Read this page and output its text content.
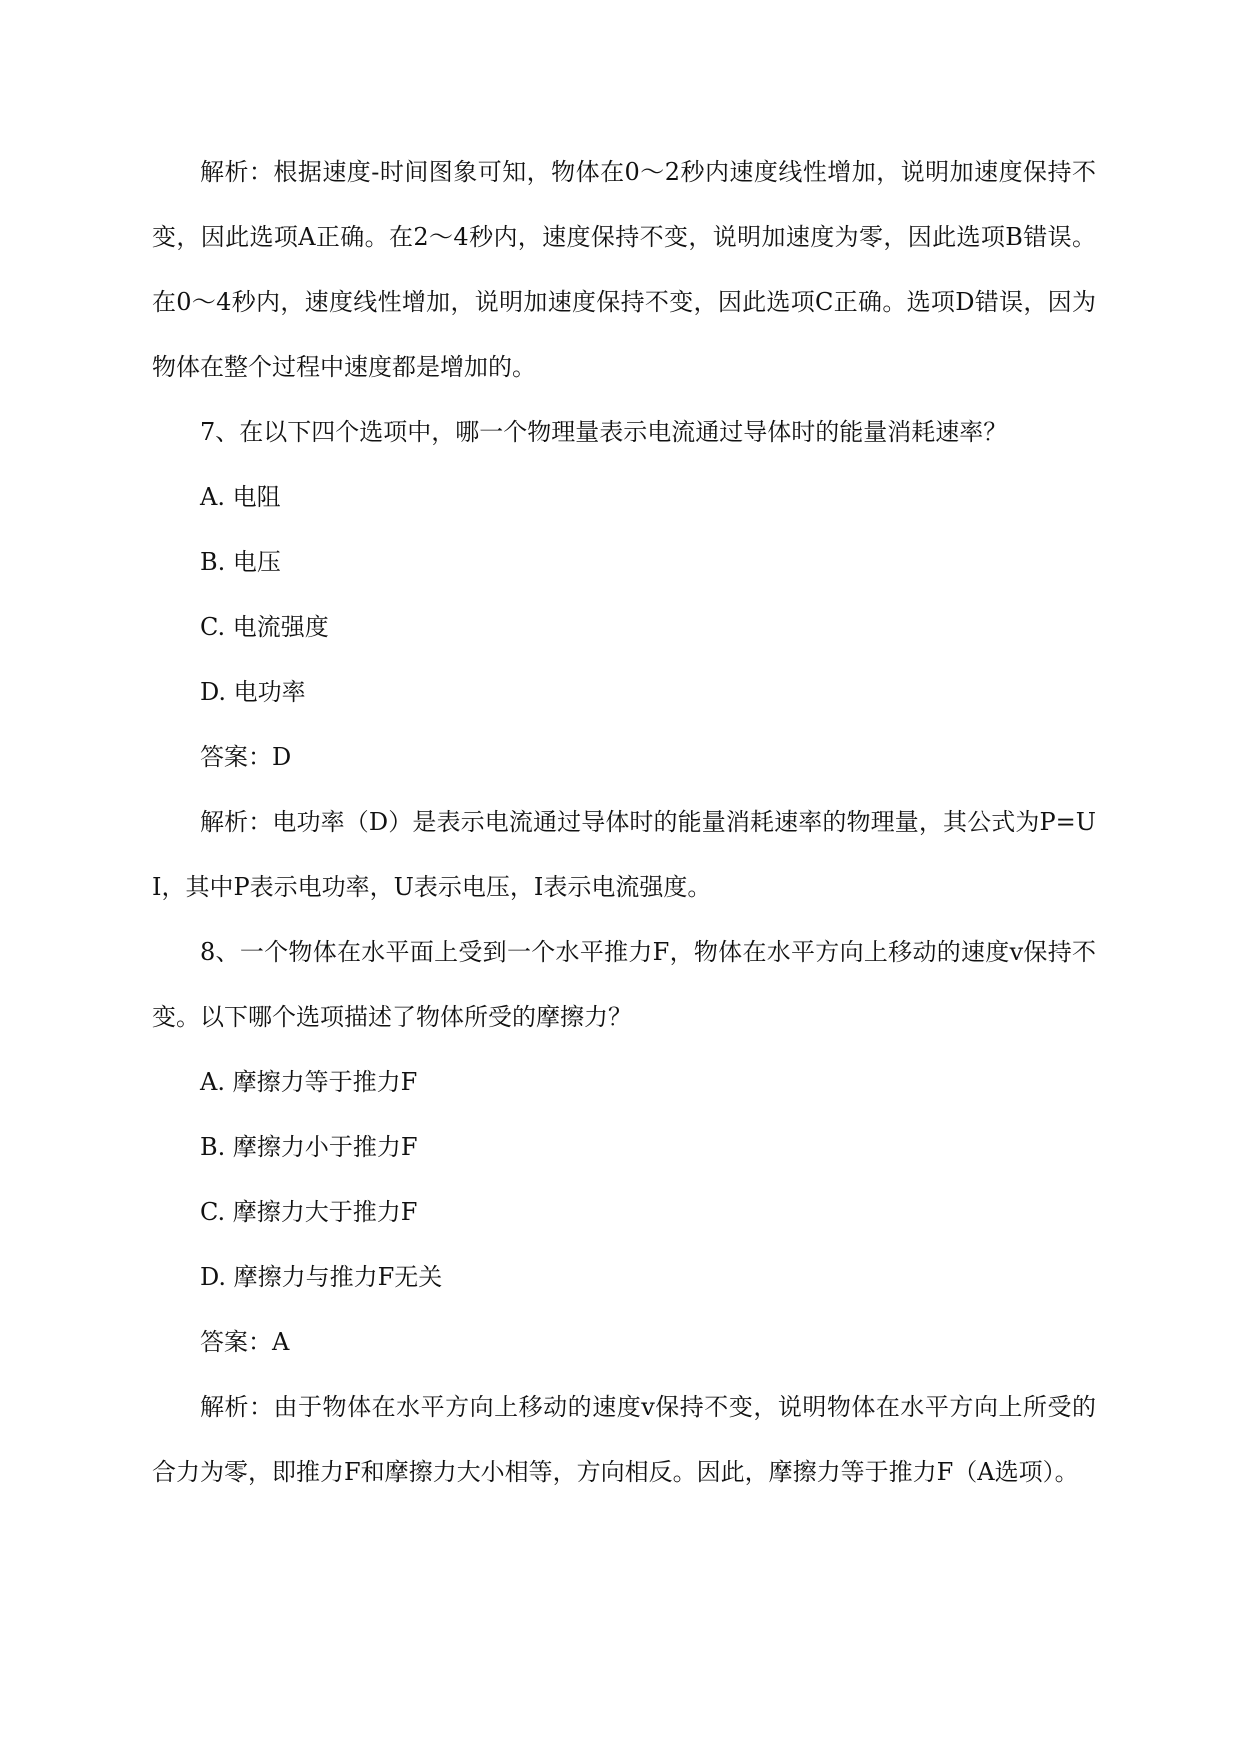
解析：根据速度-时间图象可知，物体在0～2秒内速度线性增加，说明加速度保持不变，因此选项A正确。在2～4秒内，速度保持不变，说明加速度为零，因此选项B错误。在0～4秒内，速度线性增加，说明加速度保持不变，因此选项C正确。选项D错误，因为物体在整个过程中速度都是增加的。

7、在以下四个选项中，哪一个物理量表示电流通过导体时的能量消耗速率？

A. 电阻

B. 电压

C. 电流强度

D. 电功率

答案：D

解析：电功率（D）是表示电流通过导体时的能量消耗速率的物理量，其公式为P=UI，其中P表示电功率，U表示电压，I表示电流强度。

8、一个物体在水平面上受到一个水平推力F，物体在水平方向上移动的速度v保持不变。以下哪个选项描述了物体所受的摩擦力？

A. 摩擦力等于推力F

B. 摩擦力小于推力F

C. 摩擦力大于推力F

D. 摩擦力与推力F无关

答案：A

解析：由于物体在水平方向上移动的速度v保持不变，说明物体在水平方向上所受的合力为零，即推力F和摩擦力大小相等，方向相反。因此，摩擦力等于推力F（A选项）。
